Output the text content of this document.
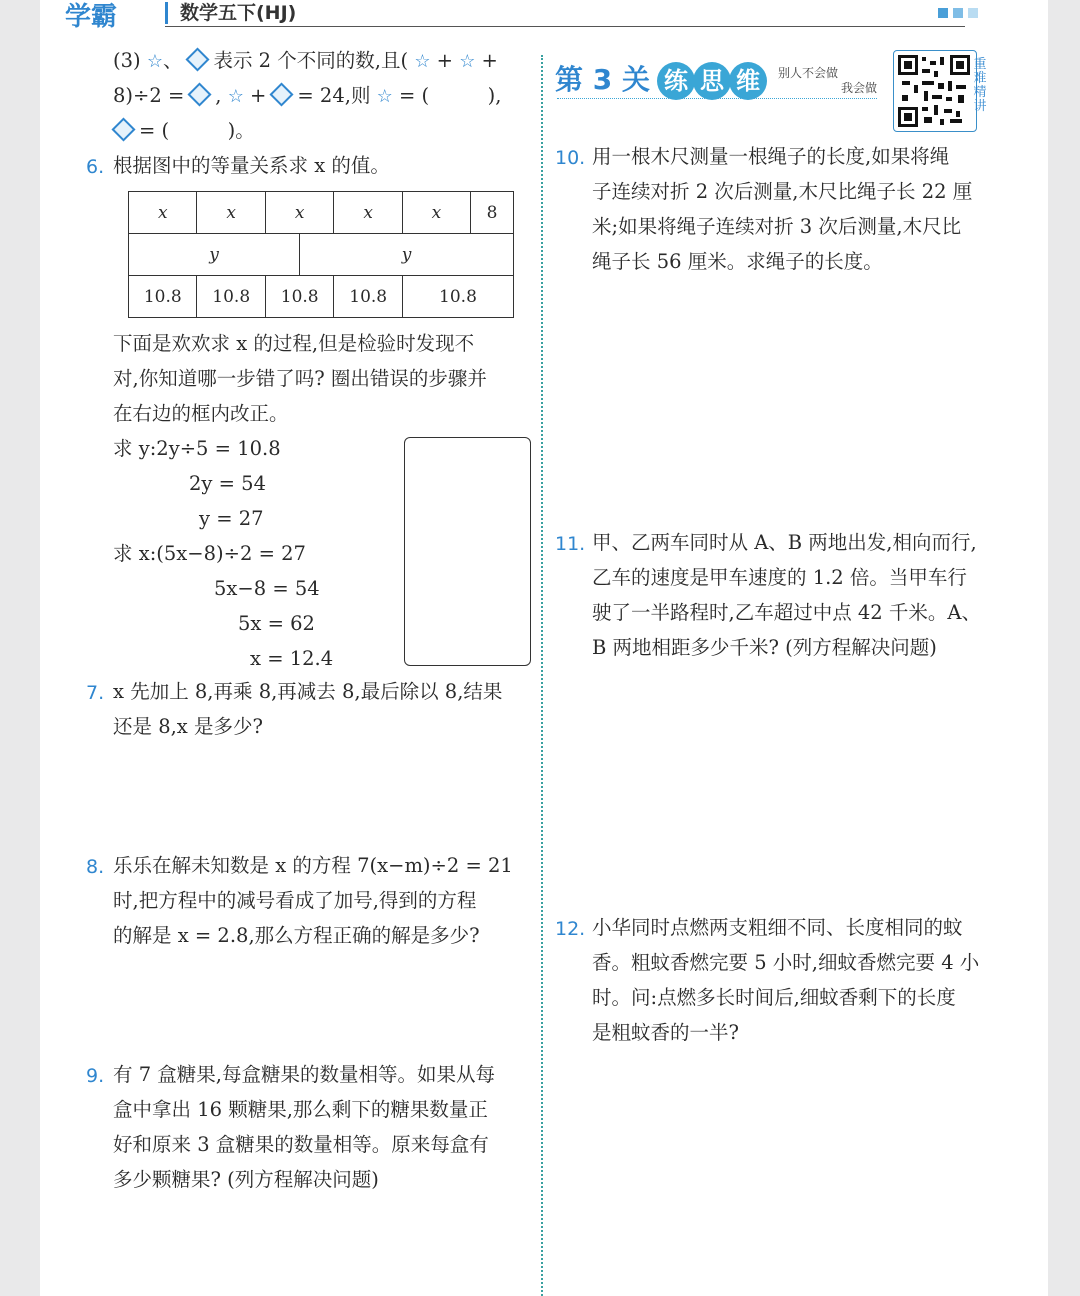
学霸	数学五下(HJ)
(3) ☆、 表示 2 个不同的数,且( ☆ + ☆ +
8)÷2 = , ☆ + = 24,则 ☆ = (　　　),
= (　　　)。
6. 根据图中的等量关系求 x 的值。
x	x	x		x	x	8
y			y			
10.8	10.8	10.8		10.8	10.8	
下面是欢欢求 x 的过程,但是检验时发现不
对,你知道哪一步错了吗? 圈出错误的步骤并
在右边的框内改正。
求 y:2y÷5 = 10.8
2y = 54
y = 27
求 x:(5x−8)÷2 = 27
5x−8 = 54
5x = 62
x = 12.4
7. x 先加上 8,再乘 8,再减去 8,最后除以 8,结果
还是 8,x 是多少?
8. 乐乐在解未知数是 x 的方程 7(x−m)÷2 = 21
时,把方程中的减号看成了加号,得到的方程
的解是 x = 2.8,那么方程正确的解是多少?
9. 有 7 盒糖果,每盒糖果的数量相等。如果从每
盒中拿出 16 颗糖果,那么剩下的糖果数量正
好和原来 3 盒糖果的数量相等。原来每盒有
多少颗糖果? (列方程解决问题)
第 3 关 练 思 维	别人不会做
我会做
重
难
精
讲
10. 用一根木尺测量一根绳子的长度,如果将绳
子连续对折 2 次后测量,木尺比绳子长 22 厘
米;如果将绳子连续对折 3 次后测量,木尺比
绳子长 56 厘米。求绳子的长度。
11. 甲、乙两车同时从 A、B 两地出发,相向而行,
乙车的速度是甲车速度的 1.2 倍。当甲车行
驶了一半路程时,乙车超过中点 42 千米。A、
B 两地相距多少千米? (列方程解决问题)
12. 小华同时点燃两支粗细不同、长度相同的蚊
香。粗蚊香燃完要 5 小时,细蚊香燃完要 4 小
时。问:点燃多长时间后,细蚊香剩下的长度
是粗蚊香的一半?
